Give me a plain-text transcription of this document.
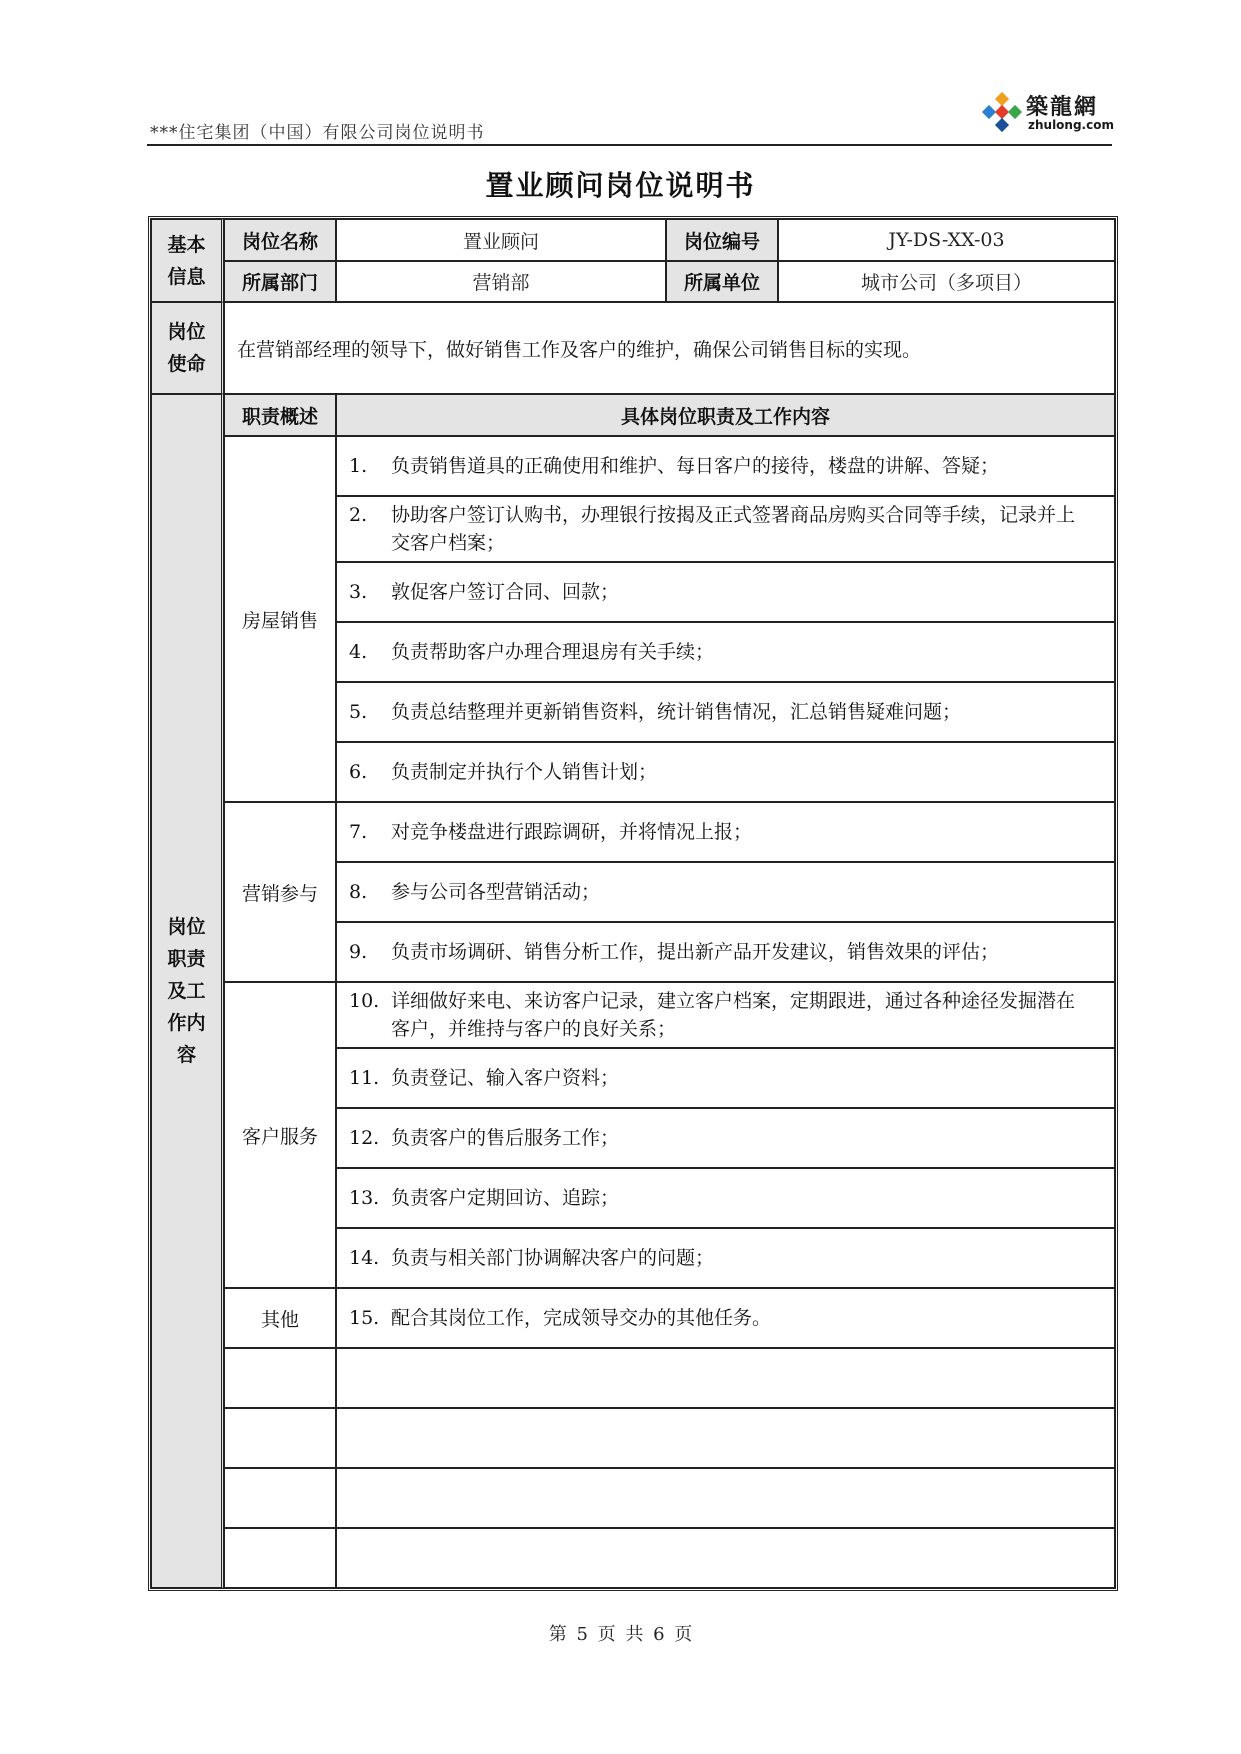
***住宅集团（中国）有限公司岗位说明书
築龍網
zhulong.com
置业顾问岗位说明书
基本信息	岗位名称	置业顾问	岗位编号	JY-DS-XX-03
	所属部门	营销部	所属单位	城市公司（多项目）
岗位使命	在营销部经理的领导下，做好销售工作及客户的维护，确保公司销售目标的实现。			
岗位职责及工作内容	职责概述	具体岗位职责及工作内容		
	房屋销售	1. 负责销售道具的正确使用和维护、每日客户的接待，楼盘的讲解、答疑；		
		2. 协助客户签订认购书，办理银行按揭及正式签署商品房购买合同等手续，记录并上交客户档案；		
		3. 敦促客户签订合同、回款；		
		4. 负责帮助客户办理合理退房有关手续；		
		5. 负责总结整理并更新销售资料，统计销售情况，汇总销售疑难问题；		
		6. 负责制定并执行个人销售计划；		
	营销参与	7. 对竞争楼盘进行跟踪调研，并将情况上报；		
		8. 参与公司各型营销活动；		
		9. 负责市场调研、销售分析工作，提出新产品开发建议，销售效果的评估；		
	客户服务	10. 详细做好来电、来访客户记录，建立客户档案，定期跟进，通过各种途径发掘潜在客户，并维持与客户的良好关系；		
		11. 负责登记、输入客户资料；		
		12. 负责客户的售后服务工作；		
		13. 负责客户定期回访、追踪；		
		14. 负责与相关部门协调解决客户的问题；		
	其他	15. 配合其岗位工作，完成领导交办的其他任务。		

第 5 页 共 6 页
